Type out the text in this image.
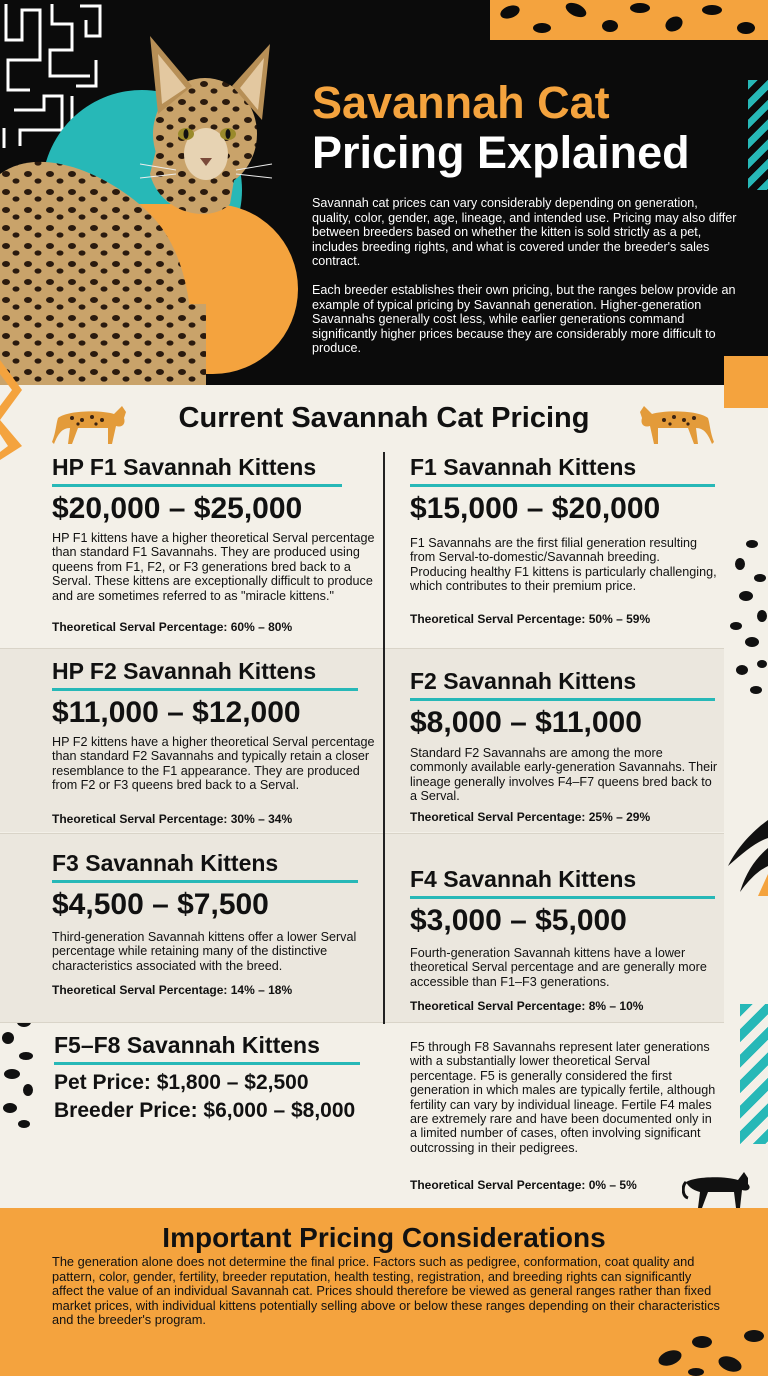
Savannah Cat
Pricing Explained

Savannah cat prices can vary considerably depending on generation, quality, color, gender, age, lineage, and intended use. Pricing may also differ between breeders based on whether the kitten is sold strictly as a pet, includes breeding rights, and what is covered under the breeder's sales contract.

Each breeder establishes their own pricing, but the ranges below provide an example of typical pricing by Savannah generation. Higher-generation Savannahs generally cost less, while earlier generations command significantly higher prices because they are considerably more difficult to produce.

Current Savannah Cat Pricing
HP F1 Savannah Kittens
$20,000 – $25,000
HP F1 kittens have a higher theoretical Serval percentage than standard F1 Savannahs. They are produced using queens from F1, F2, or F3 generations bred back to a Serval. These kittens are exceptionally difficult to produce and are sometimes referred to as "miracle kittens."
Theoretical Serval Percentage: 60% – 80%
F1 Savannah Kittens
$15,000 – $20,000
F1 Savannahs are the first filial generation resulting from Serval-to-domestic/Savannah breeding. Producing healthy F1 kittens is particularly challenging, which contributes to their premium price.
Theoretical Serval Percentage: 50% – 59%
HP F2 Savannah Kittens
$11,000 – $12,000
HP F2 kittens have a higher theoretical Serval percentage than standard F2 Savannahs and typically retain a closer resemblance to the F1 appearance. They are produced from F2 or F3 queens bred back to a Serval.
Theoretical Serval Percentage: 30% – 34%
F2 Savannah Kittens
$8,000 – $11,000
Standard F2 Savannahs are among the more commonly available early-generation Savannahs. Their lineage generally involves F4–F7 queens bred back to a Serval.
Theoretical Serval Percentage: 25% – 29%
F3 Savannah Kittens
$4,500 – $7,500
Third-generation Savannah kittens offer a lower Serval percentage while retaining many of the distinctive characteristics associated with the breed.
Theoretical Serval Percentage: 14% – 18%
F4 Savannah Kittens
$3,000 – $5,000
Fourth-generation Savannah kittens have a lower theoretical Serval percentage and are generally more accessible than F1–F3 generations.
Theoretical Serval Percentage: 8% – 10%
F5–F8 Savannah Kittens
Pet Price: $1,800 – $2,500
Breeder Price: $6,000 – $8,000
F5 through F8 Savannahs represent later generations with a substantially lower theoretical Serval percentage. F5 is generally considered the first generation in which males are typically fertile, although fertility can vary by individual lineage. Fertile F4 males are extremely rare and have been documented only in a limited number of cases, often involving significant outcrossing in their pedigrees.
Theoretical Serval Percentage: 0% – 5%
Important Pricing Considerations
The generation alone does not determine the final price. Factors such as pedigree, conformation, coat quality and pattern, color, gender, fertility, breeder reputation, health testing, registration, and breeding rights can significantly affect the value of an individual Savannah cat. Prices should therefore be viewed as general ranges rather than fixed market prices, with individual kittens potentially selling above or below these ranges depending on their characteristics and the breeder's program.
